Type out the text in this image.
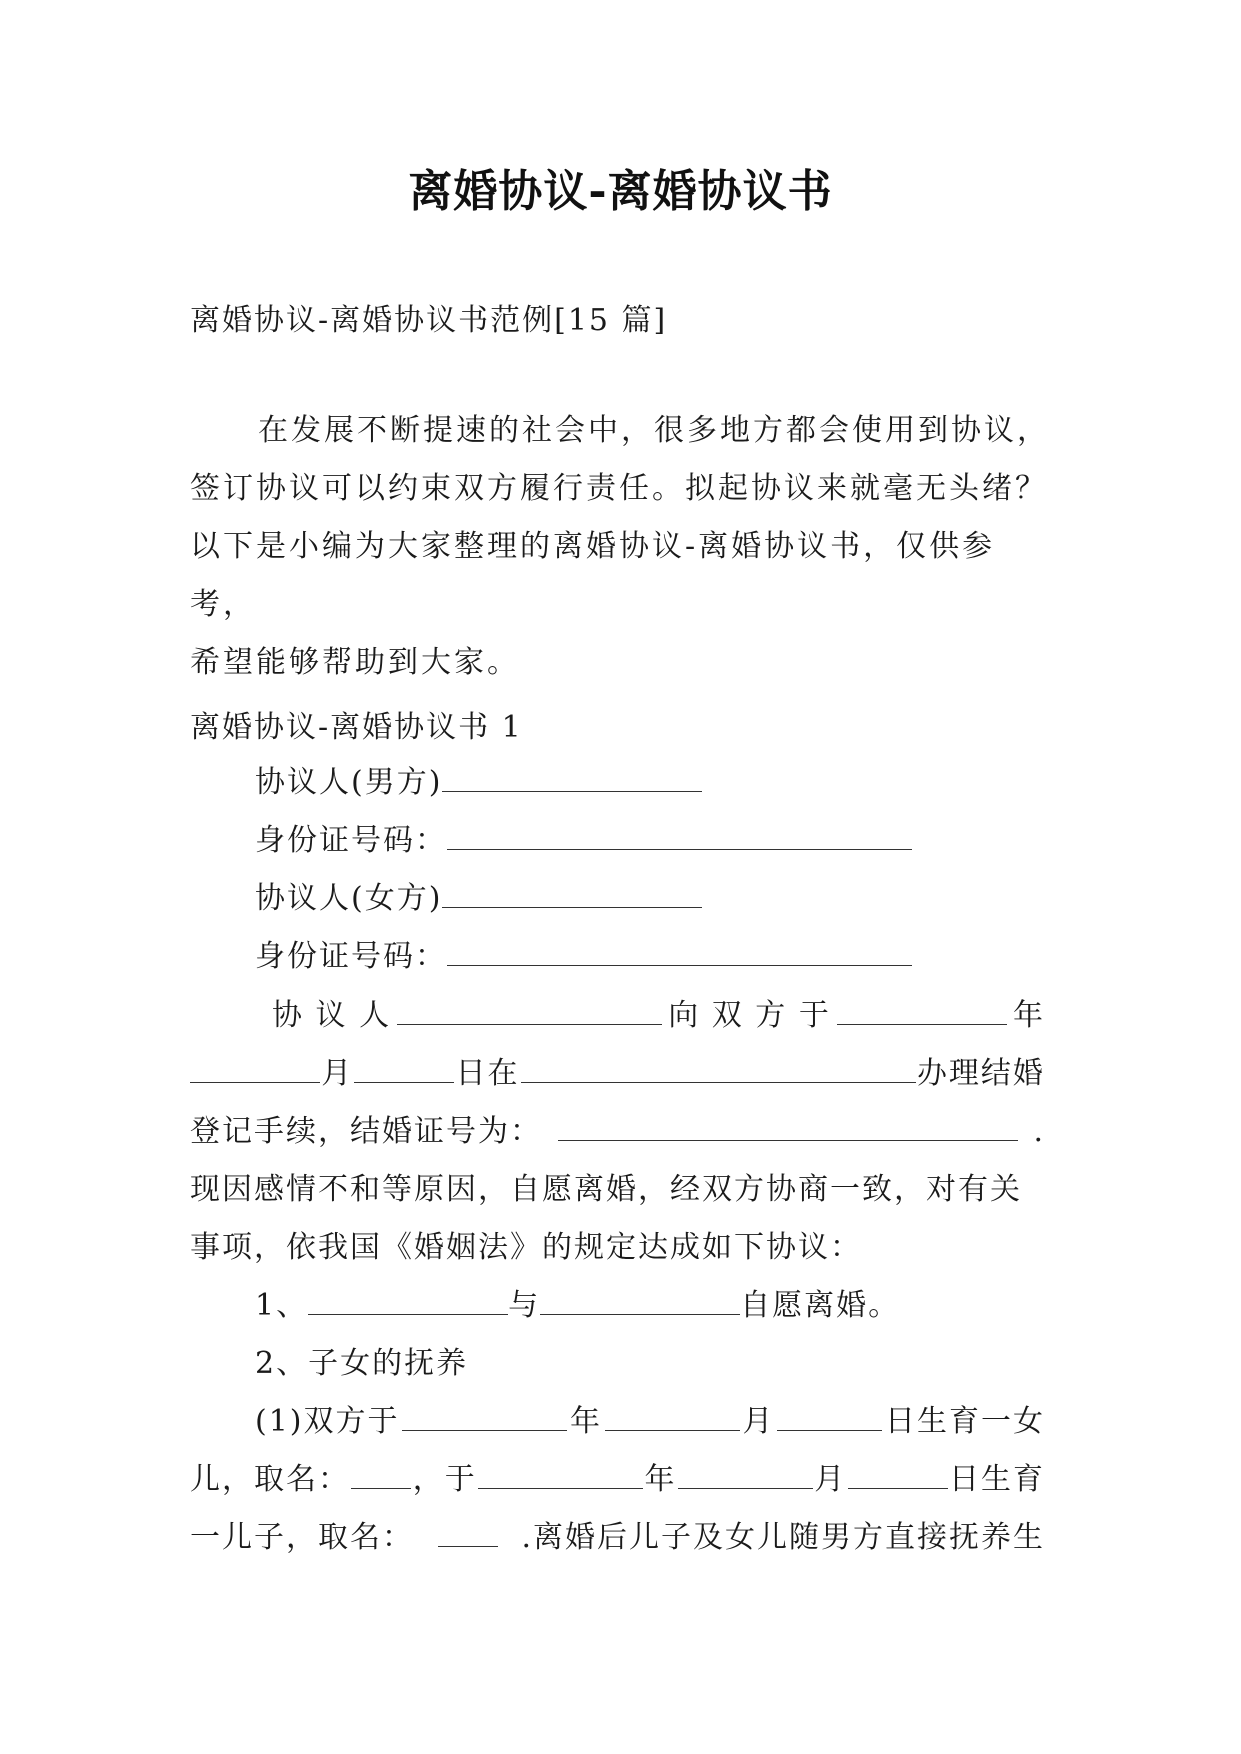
离婚协议-离婚协议书
离婚协议-离婚协议书范例[15 篇]

在发展不断提速的社会中，很多地方都会使用到协议，

签订协议可以约束双方履行责任。拟起协议来就毫无头绪？

以下是小编为大家整理的离婚协议-离婚协议书，仅供参考，

希望能够帮助到大家。

离婚协议-离婚协议书 1
协议人(男方)
身份证号码：
协议人(女方)
身份证号码：
协 议 人	向 双 方 于	年
月	日在	办理结婚
登记手续，结婚证号为：	.
现因感情不和等原因，自愿离婚，经双方协商一致，对有关
事项，依我国《婚姻法》的规定达成如下协议：
1、	与	自愿离婚。
2、子女的抚养
(1)双方于	年	月	日生育一女
儿，取名： ，于	年	月	日生育
一儿子，取名：	.离婚后儿子及女儿随男方直接抚养生
